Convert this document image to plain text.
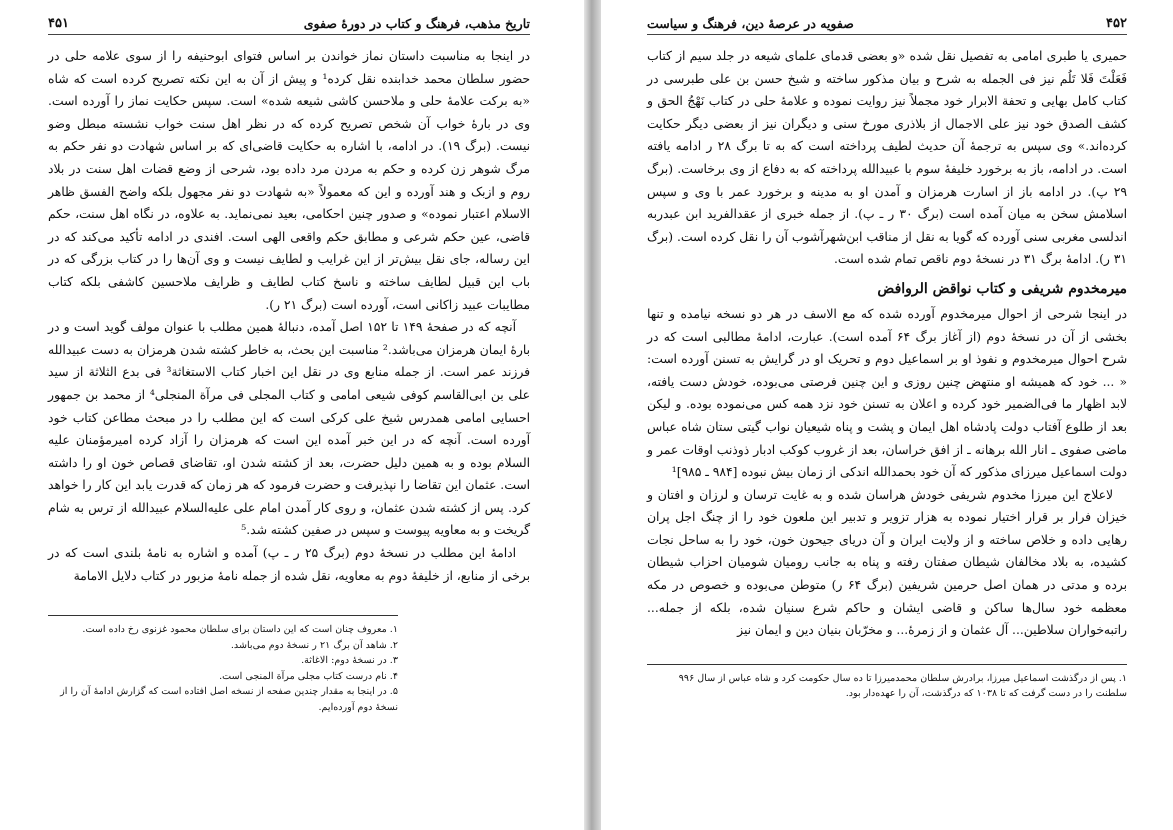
تاریخ مذهب، فرهنگ و کتاب در دورهٔ صفوی
۴۵۱

در اینجا به مناسبت داستان نماز خواندن بر اساس فتوای ابوحنیفه را از سوی علامه حلی در حضور سلطان محمد خدابنده نقل کرده¹ و پیش از آن به این نکته تصریح کرده است که شاه «به برکت علامهٔ حلی و ملاحسن کاشی شیعه شده» است. سپس حکایت نماز را آورده است. وی در بارهٔ خواب آن شخص تصریح کرده که در نظر اهل سنت خواب نشسته مبطل وضو نیست. (برگ ۱۹). در ادامه، با اشاره به حکایت قاضی‌ای که بر اساس شهادت دو نفر حکم به مرگ شوهر زن کرده و حکم به مردن مرد داده بود، شرحی از وضع قضات اهل سنت در بلاد روم و ازبک و هند آورده و این که معمولاً «به شهادت دو نفر مجهول بلکه واضح الفسق ظاهر الاسلام اعتبار نموده» و صدور چنین احکامی، بعید نمی‌نماید. به علاوه، در نگاه اهل سنت، حکم قاضی، عین حکم شرعی و مطابق حکم واقعی الهی است. افندی در ادامه تأکید می‌کند که در این رساله، جای نقل بیش‌تر از این غرایب و لطایف نیست و وی آن‌ها را در کتاب بزرگی که در باب این قبیل لطایف ساخته و ناسخ کتاب لطایف و ظرایف ملاحسین کاشفی بلکه کتاب مطایبات عبید زاکانی است، آورده است (برگ ۲۱ ر).

آنچه که در صفحهٔ ۱۴۹ تا ۱۵۲ اصل آمده، دنبالهٔ همین مطلب با عنوان مولف گوید است و در بارهٔ ایمان هرمزان می‌باشد.² مناسبت این بحث، به خاطر کشته شدن هرمزان به دست عبیدالله فرزند عمر است. از جمله منابع وی در نقل این اخبار کتاب الاستغاثة³ فی بدع الثلاثة از سید علی بن ابی‌القاسم کوفی شیعی امامی و کتاب المجلی فی مرآة المنجلی⁴ از محمد بن جمهور احسایی امامی همدرس شیخ علی کرکی است که این مطلب را در مبحث مطاعن کتاب خود آورده است. آنچه که در این خبر آمده این است که هرمزان را آزاد کرده امیرمؤمنان علیه السلام بوده و به همین دلیل حضرت، بعد از کشته شدن او، تقاضای قصاص خون او را داشته است. عثمان این تقاضا را نپذیرفت و حضرت فرمود که هر زمان که قدرت یابد این کار را خواهد کرد. پس از کشته شدن عثمان، و روی کار آمدن امام علی علیه‌السلام عبیدالله از ترس به شام گریخت و به معاویه پیوست و سپس در صفین کشته شد.⁵

ادامهٔ این مطلب در نسخهٔ دوم (برگ ۲۵ ر ـ پ) آمده و اشاره به نامهٔ بلندی است که در برخی از منابع، از خلیفهٔ دوم به معاویه، نقل شده از جمله نامهٔ مزبور در کتاب دلایل الامامة

۱. معروف چنان است که این داستان برای سلطان محمود غزنوی رخ داده است.

۲. شاهد آن برگ ۲۱ ر نسخهٔ دوم می‌باشد.

۳. در نسخهٔ دوم: الاغاثة.

۴. نام درست کتاب مجلی مرآة المنجی است.

۵. در اینجا به مقدار چندین صفحه از نسخه اصل افتاده است که گزارش ادامهٔ آن را از نسخهٔ دوم آورده‌ایم.

۴۵۲
صفویه در عرصهٔ دین، فرهنگ و سیاست

حمیری یا طبری امامی به تفصیل نقل شده «و بعضی قدمای علمای شیعه در جلد سیم از کتاب فَعَلْتَ فَلا تَلُم نیز فی الجمله به شرح و بیان مذکور ساخته و شیخ حسن بن علی طبرسی در کتاب کامل بهایی و تحفة الابرار خود مجملاً نیز روایت نموده و علامهٔ حلی در کتاب نَهْجُ الحق و کشف الصدق خود نیز علی الاجمال از بلاذری مورخ سنی و دیگران نیز از بعضی دیگر حکایت کرده‌اند.» وی سپس به ترجمهٔ آن حدیث لطیف پرداخته است که به تا برگ ۲۸ ر ادامه یافته است. در ادامه، باز به برخورد خلیفهٔ سوم با عبیدالله پرداخته که به دفاع از وی برخاست. (برگ ۲۹ پ). در ادامه باز از اسارت هرمزان و آمدن او به مدینه و برخورد عمر با وی و سپس اسلامش سخن به میان آمده است (برگ ۳۰ ر ـ پ). از جمله خبری از عقدالفرید ابن عبدربه اندلسی مغربی سنی آورده که گویا به نقل از مناقب ابن‌شهرآشوب آن را نقل کرده است. (برگ ۳۱ ر). ادامهٔ برگ ۳۱ در نسخهٔ دوم ناقص تمام شده است.

میرمخدوم شریفی و کتاب نواقض الروافض

در اینجا شرحی از احوال میرمخدوم آورده شده که مع الاسف در هر دو نسخه نیامده و تنها بخشی از آن در نسخهٔ دوم (از آغاز برگ ۶۴ آمده است). عبارت، ادامهٔ مطالبی است که در شرح احوال میرمخدوم و نفوذ او بر اسماعیل دوم و تحریک او در گرایش به تسنن آورده است: « ... خود که همیشه او منتهض چنین روزی و این چنین فرصتی می‌بوده، خودش دست یافته، لابد اظهار ما فی‌الضمیر خود کرده و اعلان به تسنن خود نزد همه کس می‌نموده بوده. و لیکن بعد از طلوع آفتاب دولت پادشاه اهل ایمان و پشت و پناه شیعیان نواب گیتی ستان شاه عباس ماضی صفوی ـ انار الله برهانه ـ از افق خراسان، بعد از غروب کوکب ادبار ذوذنب اوقات عمر و دولت اسماعیل میرزای مذکور که آن خود بحمدالله اندکی از زمان بیش نبوده [۹۸۴ ـ ۹۸۵]¹

لاعلاج این میرزا مخدوم شریفی خودش هراسان شده و به غایت ترسان و لرزان و افتان و خیزان فرار بر قرار اختیار نموده به هزار تزویر و تدبیر این ملعون خود را از چنگ اجل پران رهایی داده و خلاص ساخته و از ولایت ایران و آن دریای جیحون خون، خود را به ساحل نجات کشیده، به بلاد مخالفان شیطان صفتان رفته و پناه به جانب رومیان شومیان احزاب شیطان برده و مدتی در همان اصل حرمین شریفین (برگ ۶۴ ر) متوطن می‌بوده و خصوص در مکه معظمه خود سال‌ها ساکن و قاضی ایشان و حاکم شرع سنیان شده، بلکه از جمله... راتبه‌خواران سلاطین... آل عثمان و از زمرهٔ... و مخرّبان بنیان دین و ایمان نیز

۱. پس از درگذشت اسماعیل میرزا، برادرش سلطان محمدمیرزا تا ده سال حکومت کرد و شاه عباس از سال ۹۹۶ سلطنت را در دست گرفت که تا ۱۰۳۸ که درگذشت، آن را عهده‌دار بود.
